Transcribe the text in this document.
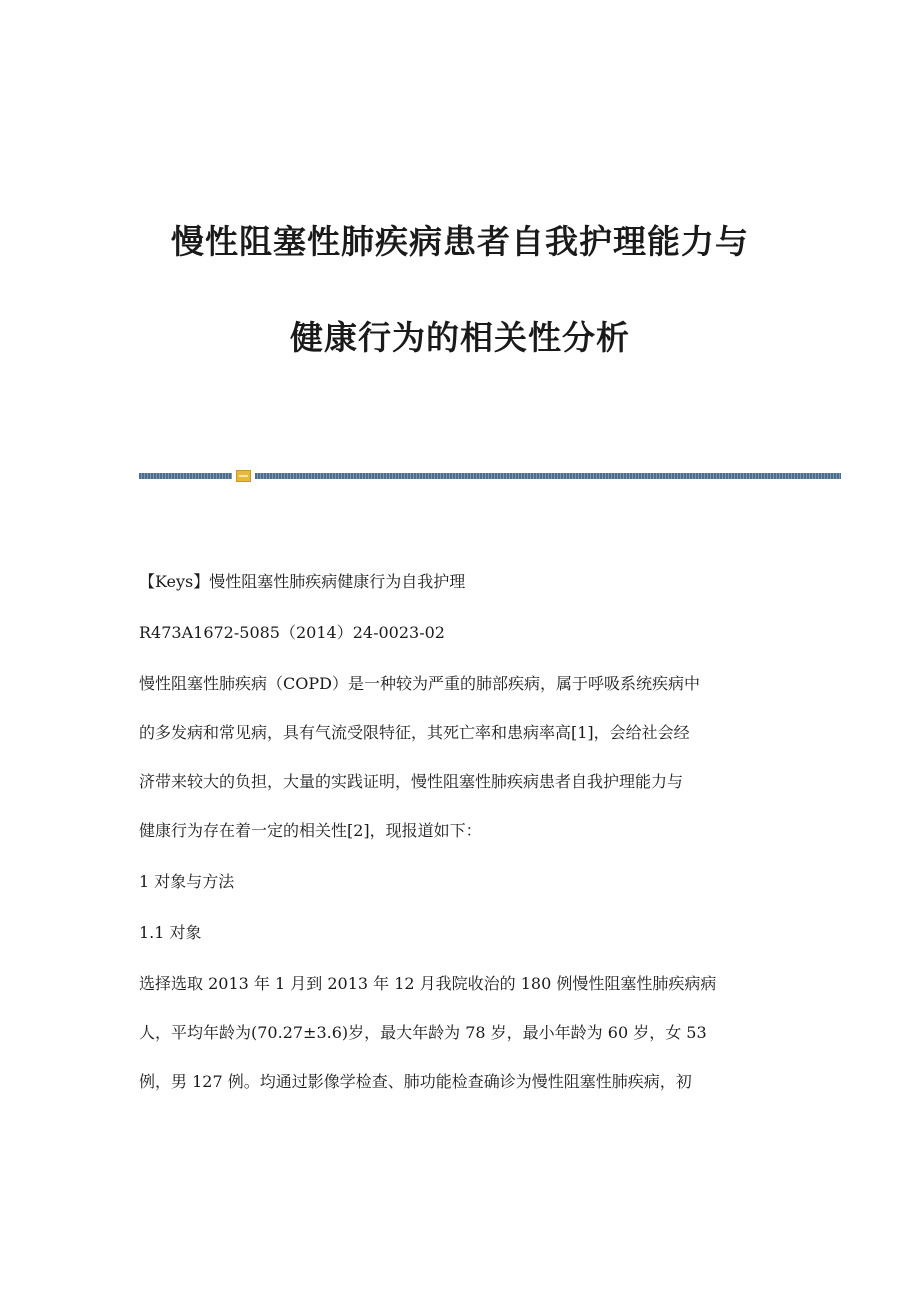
慢性阻塞性肺疾病患者自我护理能力与
健康行为的相关性分析
【Keys】慢性阻塞性肺疾病健康行为自我护理
R473A1672-5085（2014）24-0023-02

慢性阻塞性肺疾病（COPD）是一种较为严重的肺部疾病，属于呼吸系统疾病中
的多发病和常见病，具有气流受限特征，其死亡率和患病率高[1]，会给社会经
济带来较大的负担，大量的实践证明，慢性阻塞性肺疾病患者自我护理能力与
健康行为存在着一定的相关性[2]，现报道如下：

1 对象与方法
1.1 对象

选择选取 2013 年 1 月到 2013 年 12 月我院收治的 180 例慢性阻塞性肺疾病病
人，平均年龄为(70.27±3.6)岁，最大年龄为 78 岁，最小年龄为 60 岁，女 53
例，男 127 例。均通过影像学检查、肺功能检查确诊为慢性阻塞性肺疾病，初
